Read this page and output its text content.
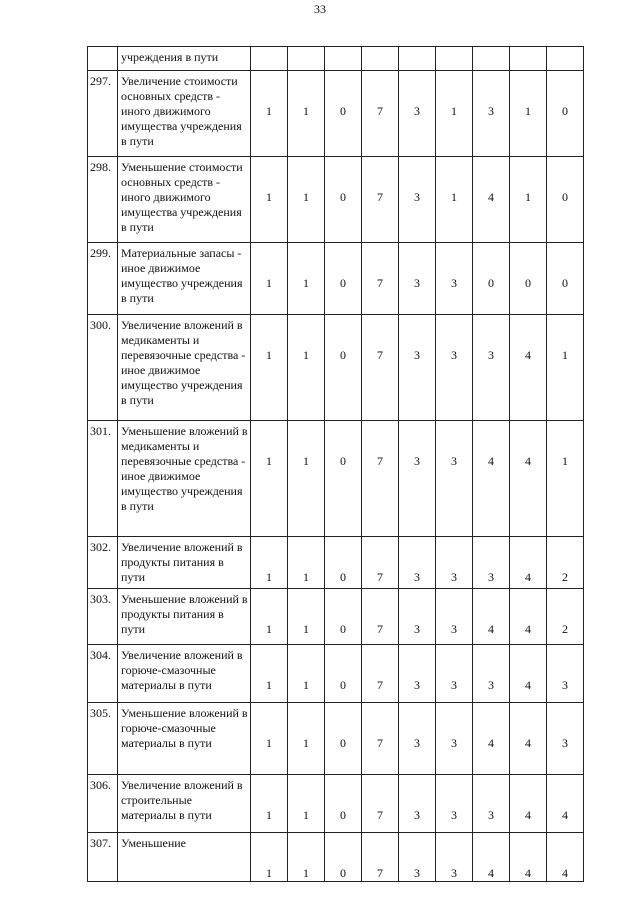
33
	учреждения в пути									
297.	Увеличение стоимости основных средств - иного движимого имущества учреждения в пути	1	1	0	7	3	1	3	1	0
298.	Уменьшение стоимости основных средств - иного движимого имущества учреждения в пути	1	1	0	7	3	1	4	1	0
299.	Материальные запасы - иное движимое имущество учреждения в пути	1	1	0	7	3	3	0	0	0
300.	Увеличение вложений в медикаменты и перевязочные средства - иное движимое имущество учреждения в пути	1	1	0	7	3	3	3	4	1
301.	Уменьшение вложений в медикаменты и перевязочные средства - иное движимое имущество учреждения в пути	1	1	0	7	3	3	4	4	1
302.	Увеличение вложений в продукты питания в пути	1	1	0	7	3	3	3	4	2
303.	Уменьшение вложений в продукты питания в пути	1	1	0	7	3	3	4	4	2
304.	Увеличение вложений в горюче-смазочные материалы в пути	1	1	0	7	3	3	3	4	3
305.	Уменьшение вложений в горюче-смазочные материалы в пути	1	1	0	7	3	3	4	4	3
306.	Увеличение вложений в строительные материалы в пути	1	1	0	7	3	3	3	4	4
307.	Уменьшение	1	1	0	7	3	3	4	4	4
